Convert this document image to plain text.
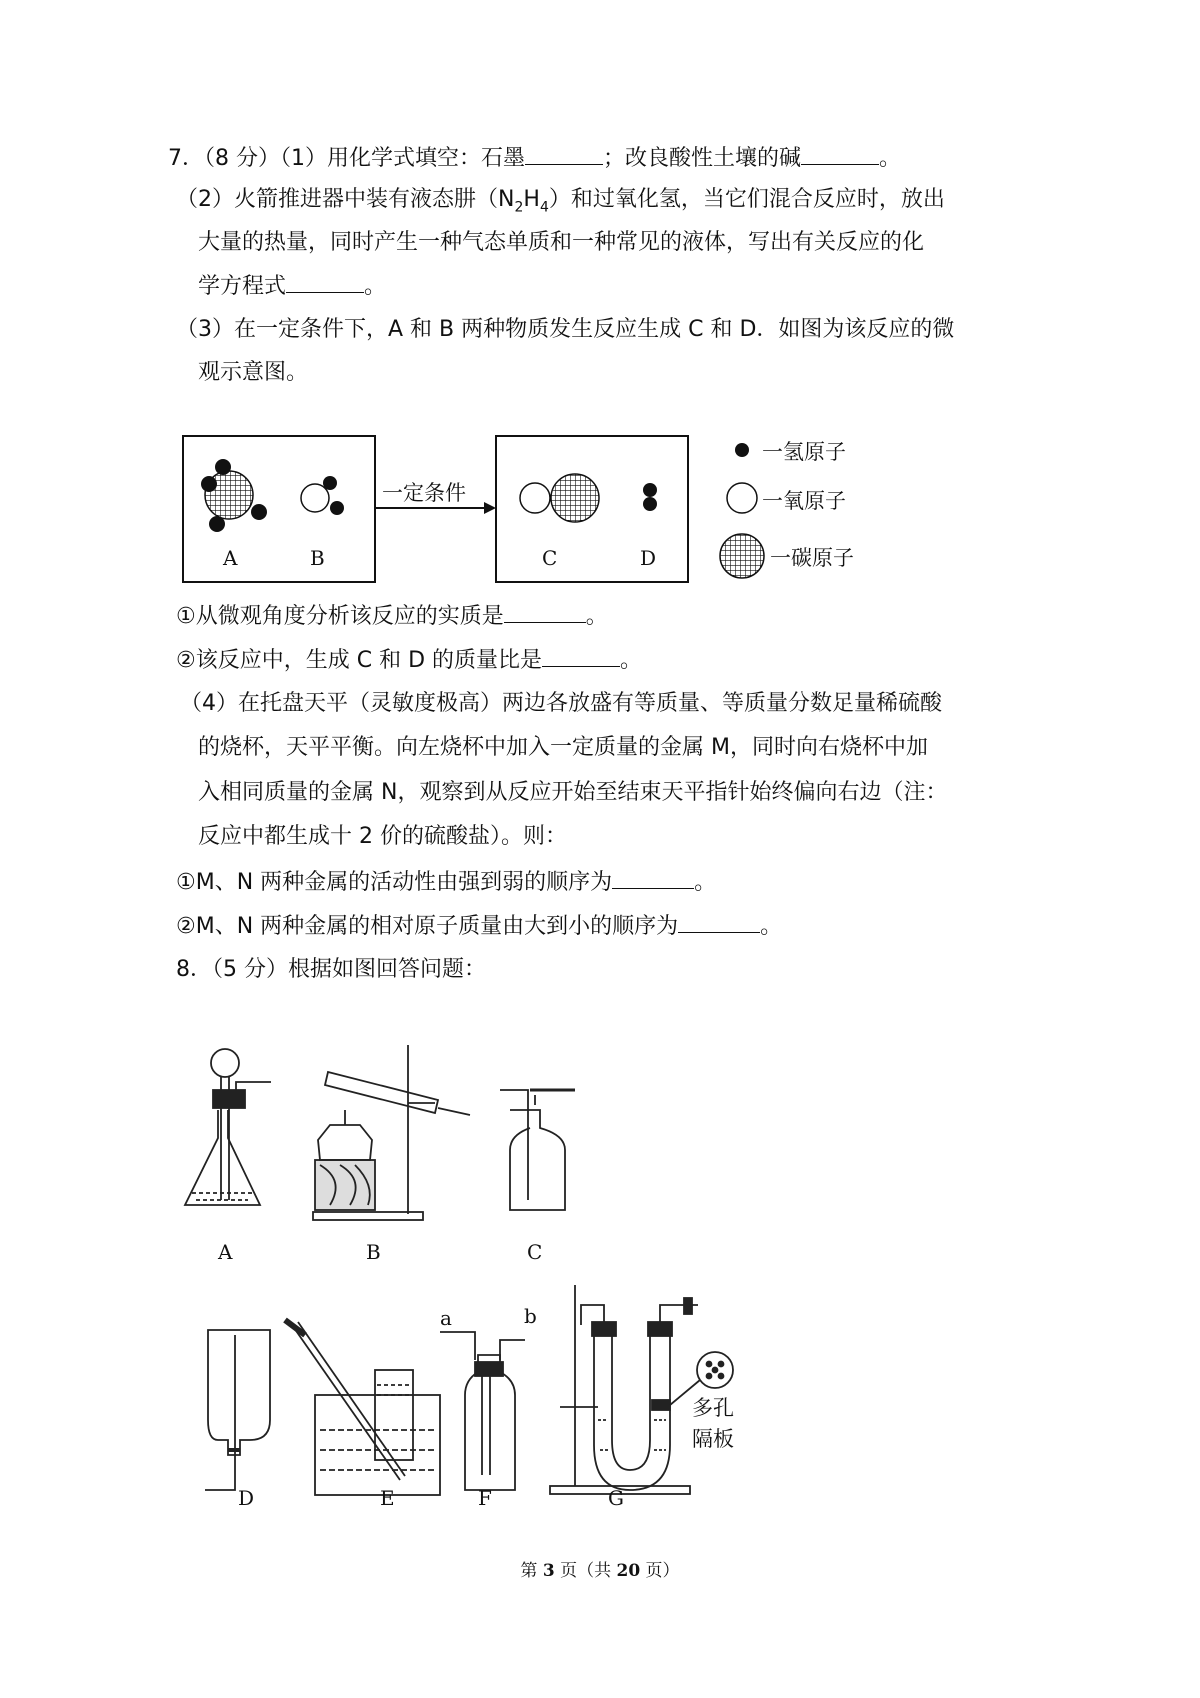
7．（8 分）（1）用化学式填空：石墨	；改良酸性土壤的碱	。
（2）火箭推进器中装有液态肼$(N_2H_4)$和过氧化氢，当它们混合反应时，放出
大量的热量，同时产生一种气态单质和一种常见的液体，写出有关反应的化
学方程式	。
（3）在一定条件下，A 和 B 两种物质发生反应生成 C 和 D．如图为该反应的微
观示意图。
一定条件
A	B	C	D
一氢原子
一氧原子
一碳原子
①从微观角度分析该反应的实质是	。
②该反应中，生成 C 和 D 的质量比是	。
（4）在托盘天平（灵敏度极高）两边各放盛有等质量、等质量分数足量稀硫酸
的烧杯，天平平衡。向左烧杯中加入一定质量的金属 M，同时向右烧杯中加
入相同质量的金属 N，观察到从反应开始至结束天平指针始终偏向右边（注：
反应中都生成十 2 价的硫酸盐）。则：
①M、N 两种金属的活动性由强到弱的顺序为	。
②M、N 两种金属的相对原子质量由大到小的顺序为	。
8．（5 分）根据如图回答问题：
A	B	C
D	E	F	G
a	b
多孔
隔板
第 3 页（共 20 页）
